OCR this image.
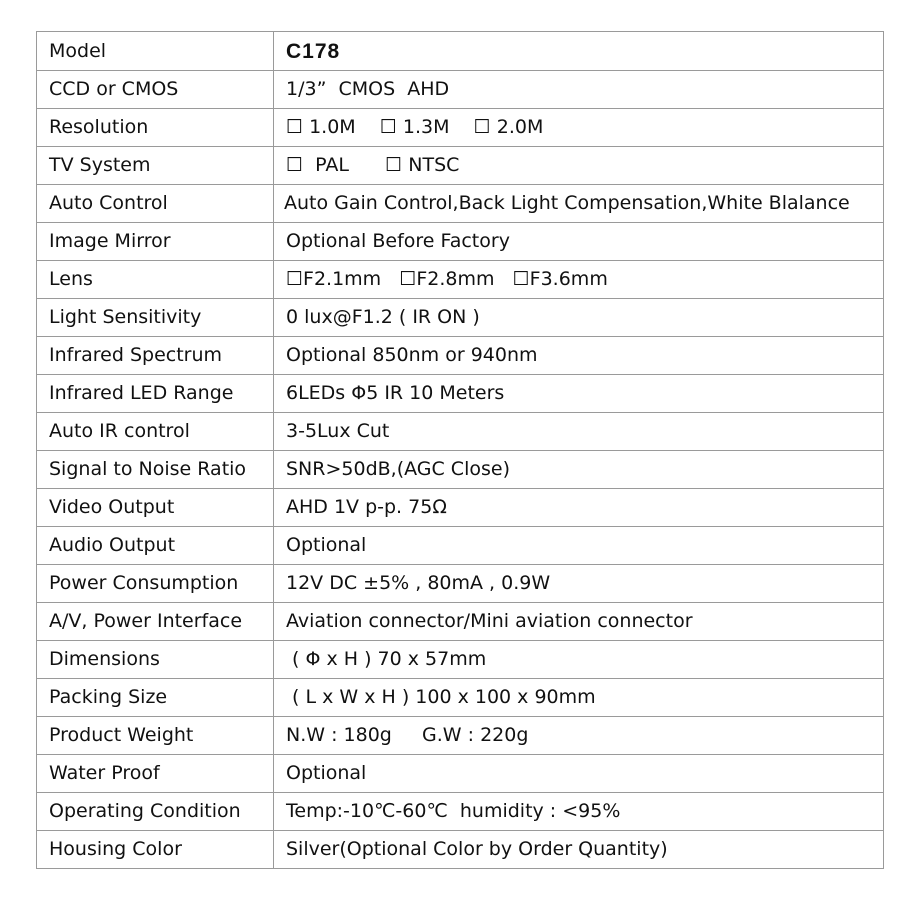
Model	C178
CCD or CMOS	1/3”  CMOS  AHD
Resolution	☐ 1.0M    ☐ 1.3M    ☐ 2.0M
TV System	☐  PAL      ☐ NTSC
Auto Control	Auto Gain Control,Back Light Compensation,White Blalance
Image Mirror	Optional Before Factory
Lens	☐F2.1mm   ☐F2.8mm   ☐F3.6mm
Light Sensitivity	0 lux@F1.2 ( IR ON )
Infrared Spectrum	Optional 850nm or 940nm
Infrared LED Range	6LEDs Φ5 IR 10 Meters
Auto IR control	3-5Lux Cut
Signal to Noise Ratio	SNR>50dB,(AGC Close)
Video Output	AHD 1V p-p. 75Ω
Audio Output	Optional
Power Consumption	12V DC ±5% , 80mA , 0.9W
A/V, Power Interface	Aviation connector/Mini aviation connector
Dimensions	( Φ x H ) 70 x 57mm
Packing Size	( L x W x H ) 100 x 100 x 90mm
Product Weight	N.W : 180g     G.W : 220g
Water Proof	Optional
Operating Condition	Temp:-10℃-60℃  humidity : <95%
Housing Color	Silver(Optional Color by Order Quantity)
